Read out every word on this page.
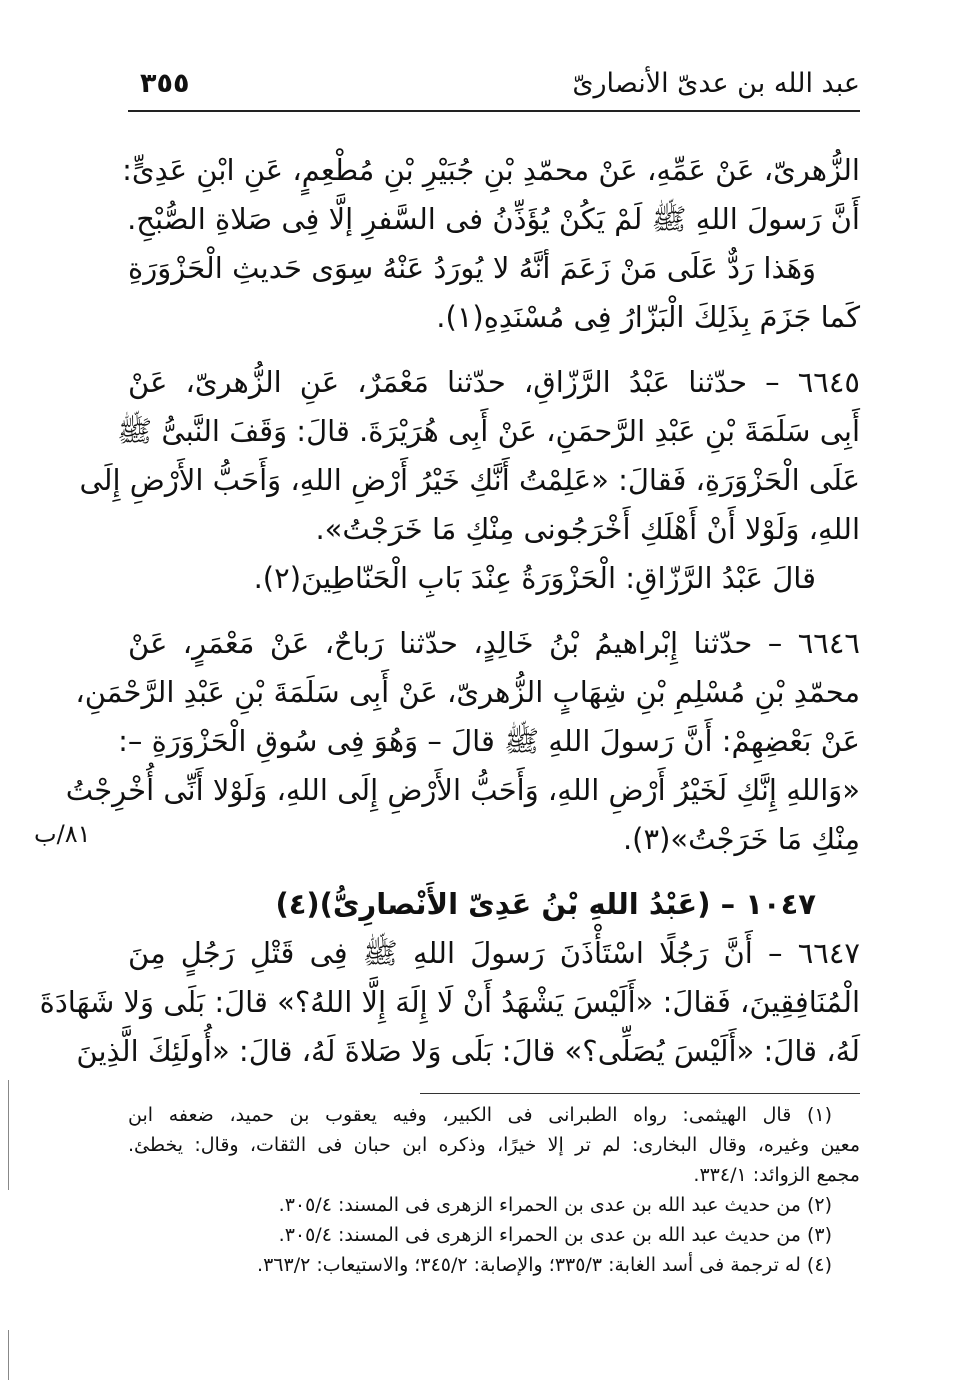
عبد الله بن عدىّ الأنصارىّ
٣٥٥
الزُّهرىّ، عَنْ عَمِّهِ، عَنْ محمّدِ بْنِ جُبَيْرِ بْنِ مُطْعِمٍ، عَنِ ابْنِ عَدِىٍّ:
أَنَّ رَسولَ اللهِ ﷺ لَمْ يَكُنْ يُؤَذِّنُ فى السَّفرِ إلَّا فِى صَلاةِ الصُّبْحِ.
وَهَذا رَدٌّ عَلَى مَنْ زَعَمَ أنَّهُ لا يُورَدُ عَنْهُ سِوَى حَديثِ الْحَزْوَرَةِ
كَما جَزَمَ بِذَلِكَ الْبَزّارُ فِى مُسْنَدِهِ(١).
٦٦٤٥ – حدّثنا عَبْدُ الرَّزّاقِ، حدّثنا مَعْمَرٌ، عَنِ الزُّهرىّ، عَنْ
أَبِى سَلَمَةَ بْنِ عَبْدِ الرَّحمَنِ، عَنْ أَبِى هُرَيْرَةَ. قالَ: وَقَفَ النَّبىُّ ﷺ
عَلَى الْحَزْوَرَةِ، فَقالَ: «عَلِمْتُ أَنَّكِ خَيْرُ أَرْضِ اللهِ، وَأَحَبُّ الأَرْضِ إِلَى
اللهِ، وَلَوْلا أَنْ أَهْلَكِ أَخْرَجُونى مِنْكِ مَا خَرَجْتُ».
قالَ عَبْدُ الرَّزّاقِ: الْحَزْوَرَةُ عِنْدَ بَابِ الْحَنّاطِينَ(٢).
٦٦٤٦ – حدّثنا إِبْراهيمُ بْنُ خَالِدٍ، حدّثنا رَباحٌ، عَنْ مَعْمَرٍ، عَنْ
محمّدِ بْنِ مُسْلِمِ بْنِ شِهَابٍ الزُّهرىّ، عَنْ أَبِى سَلَمَةَ بْنِ عَبْدِ الرَّحْمَنِ،
عَنْ بَعْضِهِمْ: أَنَّ رَسولَ اللهِ ﷺ قالَ – وَهُوَ فِى سُوقِ الْحَزْوَرَةِ –:
«وَاللهِ إِنَّكِ لَخَيْرُ أَرْضِ اللهِ، وَأَحَبُّ الأَرْضِ إِلَى اللهِ، وَلَوْلا أَنِّى أُخْرِجْتُ
مِنْكِ مَا خَرَجْتُ»(٣).
١٠٤٧ – (عَبْدُ اللهِ بْنُ عَدِىّ الأَنْصارِىُّ)(٤)
٦٦٤٧ – أَنَّ رَجُلًا اسْتَأْذَنَ رَسولَ اللهِ ﷺ فِى قَتْلِ رَجُلٍ مِنَ
الْمُنَافِقِينَ، فَقالَ: «أَلَيْسَ يَشْهَدُ أَنْ لَا إِلَهَ إِلَّا اللهُ؟» قالَ: بَلَى وَلا شَهَادَةَ
لَهُ، قالَ: «أَلَيْسَ يُصَلِّى؟» قالَ: بَلَى وَلا صَلاةَ لَهُ، قالَ: «أُولَئِكَ الَّذِينَ
٨١/ب
(١) قال الهيثمى: رواه الطبرانى فى الكبير، وفيه يعقوب بن حميد، ضعفه ابن
معين وغيره، وقال البخارى: لم تر إلا خيرًا، وذكره ابن حبان فى الثقات، وقال: يخطئ.
مجمع الزوائد: ٣٣٤/١.
(٢) من حديث عبد الله بن عدى بن الحمراء الزهرى فى المسند: ٣٠٥/٤.
(٣) من حديث عبد الله بن عدى بن الحمراء الزهرى فى المسند: ٣٠٥/٤.
(٤) له ترجمة فى أسد الغابة: ٣٣٥/٣؛ والإصابة: ٣٤٥/٢؛ والاستيعاب: ٣٦٣/٢.
